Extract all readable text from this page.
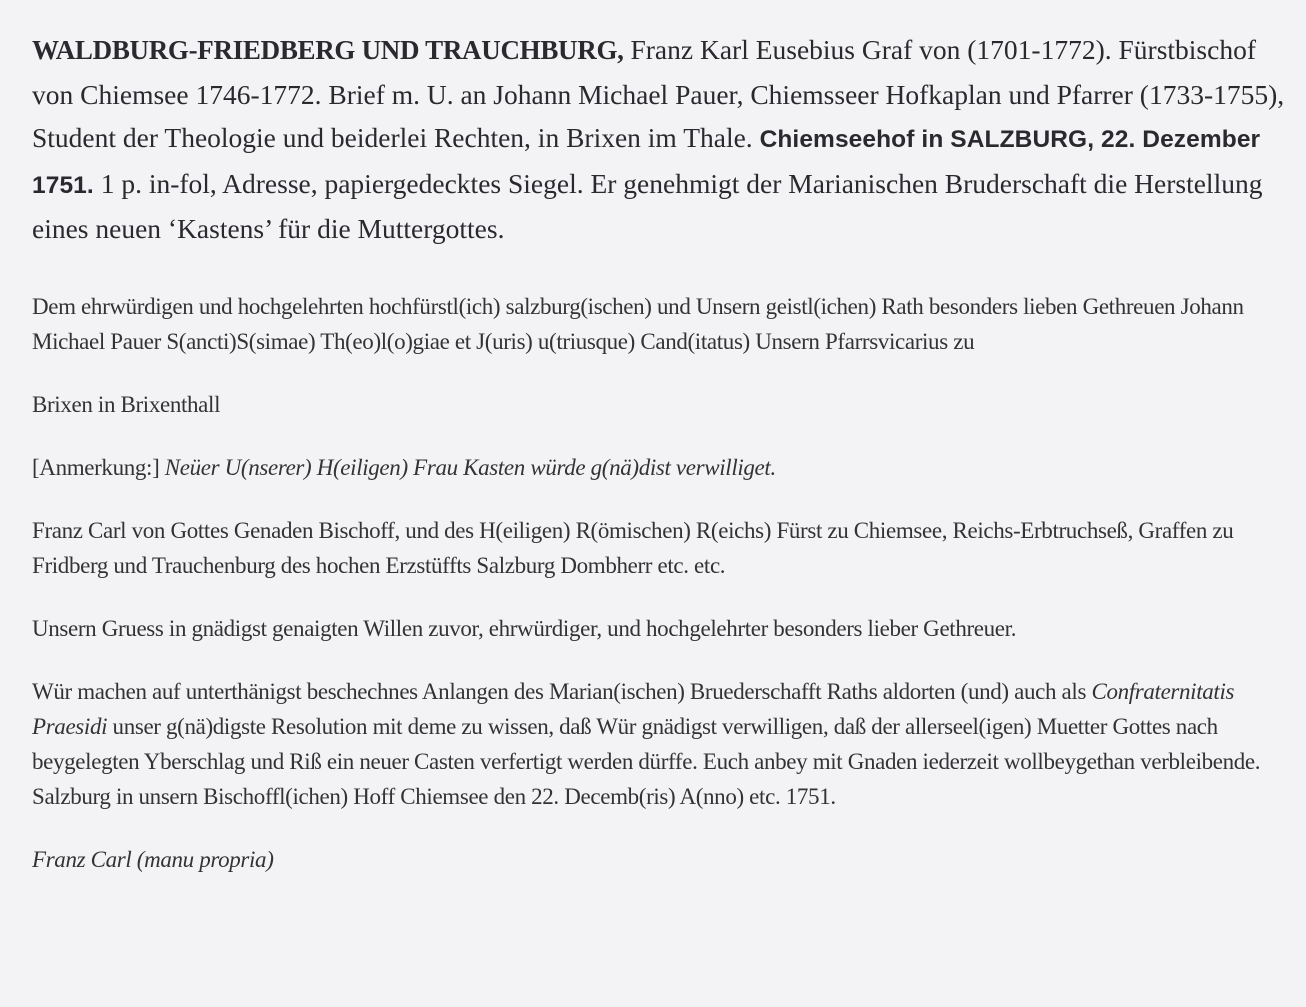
WALDBURG-FRIEDBERG UND TRAUCHBURG, Franz Karl Eusebius Graf von (1701-1772). Fürstbischof von Chiemsee 1746-1772. Brief m. U. an Johann Michael Pauer, Chiemsseer Hofkaplan und Pfarrer (1733-1755), Student der Theologie und beiderlei Rechten, in Brixen im Thale. Chiemseehof in SALZBURG, 22. Dezember 1751. 1 p. in-fol, Adresse, papiergedecktes Siegel. Er genehmigt der Marianischen Bruderschaft die Herstellung eines neuen ‘Kastens’ für die Muttergottes.

Dem ehrwürdigen und hochgelehrten hochfürstl(ich) salzburg(ischen) und Unsern geistl(ichen) Rath besonders lieben Gethreuen Johann Michael Pauer S(ancti)S(simae) Th(eo)l(o)giae et J(uris) u(triusque) Cand(itatus) Unsern Pfarrsvicarius zu

Brixen in Brixenthall

[Anmerkung:] Neüer U(nserer) H(eiligen) Frau Kasten würde g(nä)dist verwilliget.

Franz Carl von Gottes Genaden Bischoff, und des H(eiligen) R(ömischen) R(eichs) Fürst zu Chiemsee, Reichs-Erbtruchseß, Graffen zu Fridberg und Trauchenburg des hochen Erzstüffts Salzburg Dombherr etc. etc.

Unsern Gruess in gnädigst genaigten Willen zuvor, ehrwürdiger, und hochgelehrter besonders lieber Gethreuer.

Wür machen auf unterthänigst beschechnes Anlangen des Marian(ischen) Bruederschafft Raths aldorten (und) auch als Confraternitatis Praesidi unser g(nä)digste Resolution mit deme zu wissen, daß Wür gnädigst verwilligen, daß der allerseel(igen) Muetter Gottes nach beygelegten Yberschlag und Riß ein neuer Casten verfertigt werden dürffe. Euch anbey mit Gnaden iederzeit wollbeygethan verbleibende. Salzburg in unsern Bischoffl(ichen) Hoff Chiemsee den 22. Decemb(ris) A(nno) etc. 1751.

Franz Carl (manu propria)
